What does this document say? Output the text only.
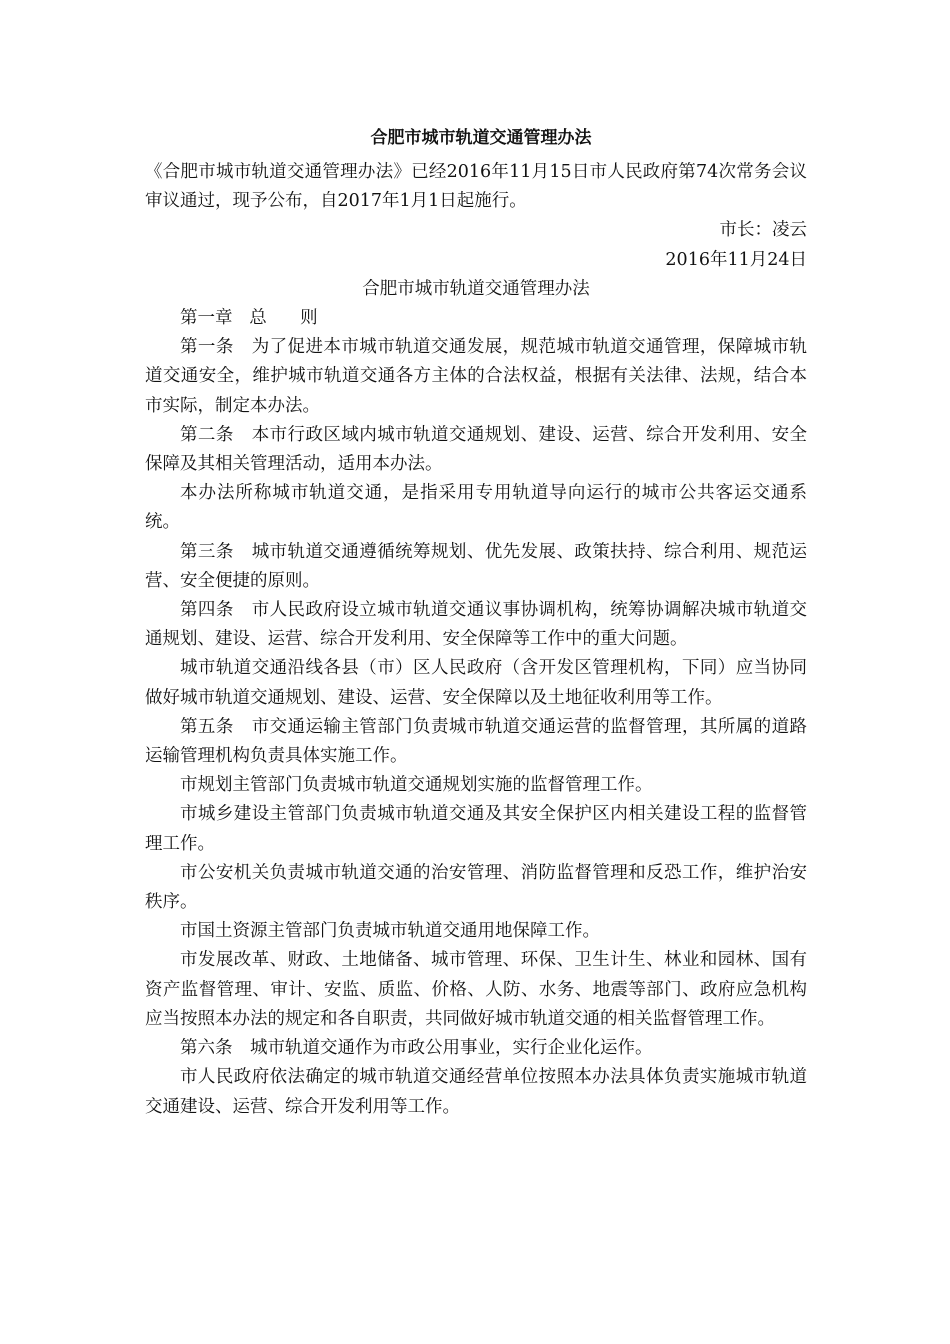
合肥市城市轨道交通管理办法

《合肥市城市轨道交通管理办法》已经2016年11月15日市人民政府第74次常务会议审议通过，现予公布，自2017年1月1日起施行。

市长：凌云

2016年11月24日

合肥市城市轨道交通管理办法

第一章   总      则

第一条　为了促进本市城市轨道交通发展，规范城市轨道交通管理，保障城市轨道交通安全，维护城市轨道交通各方主体的合法权益，根据有关法律、法规，结合本市实际，制定本办法。

第二条　本市行政区域内城市轨道交通规划、建设、运营、综合开发利用、安全保障及其相关管理活动，适用本办法。

本办法所称城市轨道交通，是指采用专用轨道导向运行的城市公共客运交通系统。

第三条　城市轨道交通遵循统筹规划、优先发展、政策扶持、综合利用、规范运营、安全便捷的原则。

第四条　市人民政府设立城市轨道交通议事协调机构，统筹协调解决城市轨道交通规划、建设、运营、综合开发利用、安全保障等工作中的重大问题。

城市轨道交通沿线各县（市）区人民政府（含开发区管理机构，下同）应当协同做好城市轨道交通规划、建设、运营、安全保障以及土地征收利用等工作。

第五条　市交通运输主管部门负责城市轨道交通运营的监督管理，其所属的道路运输管理机构负责具体实施工作。

市规划主管部门负责城市轨道交通规划实施的监督管理工作。

市城乡建设主管部门负责城市轨道交通及其安全保护区内相关建设工程的监督管理工作。

市公安机关负责城市轨道交通的治安管理、消防监督管理和反恐工作，维护治安秩序。

市国土资源主管部门负责城市轨道交通用地保障工作。

市发展改革、财政、土地储备、城市管理、环保、卫生计生、林业和园林、国有资产监督管理、审计、安监、质监、价格、人防、水务、地震等部门、政府应急机构应当按照本办法的规定和各自职责，共同做好城市轨道交通的相关监督管理工作。

第六条　城市轨道交通作为市政公用事业，实行企业化运作。

市人民政府依法确定的城市轨道交通经营单位按照本办法具体负责实施城市轨道交通建设、运营、综合开发利用等工作。
